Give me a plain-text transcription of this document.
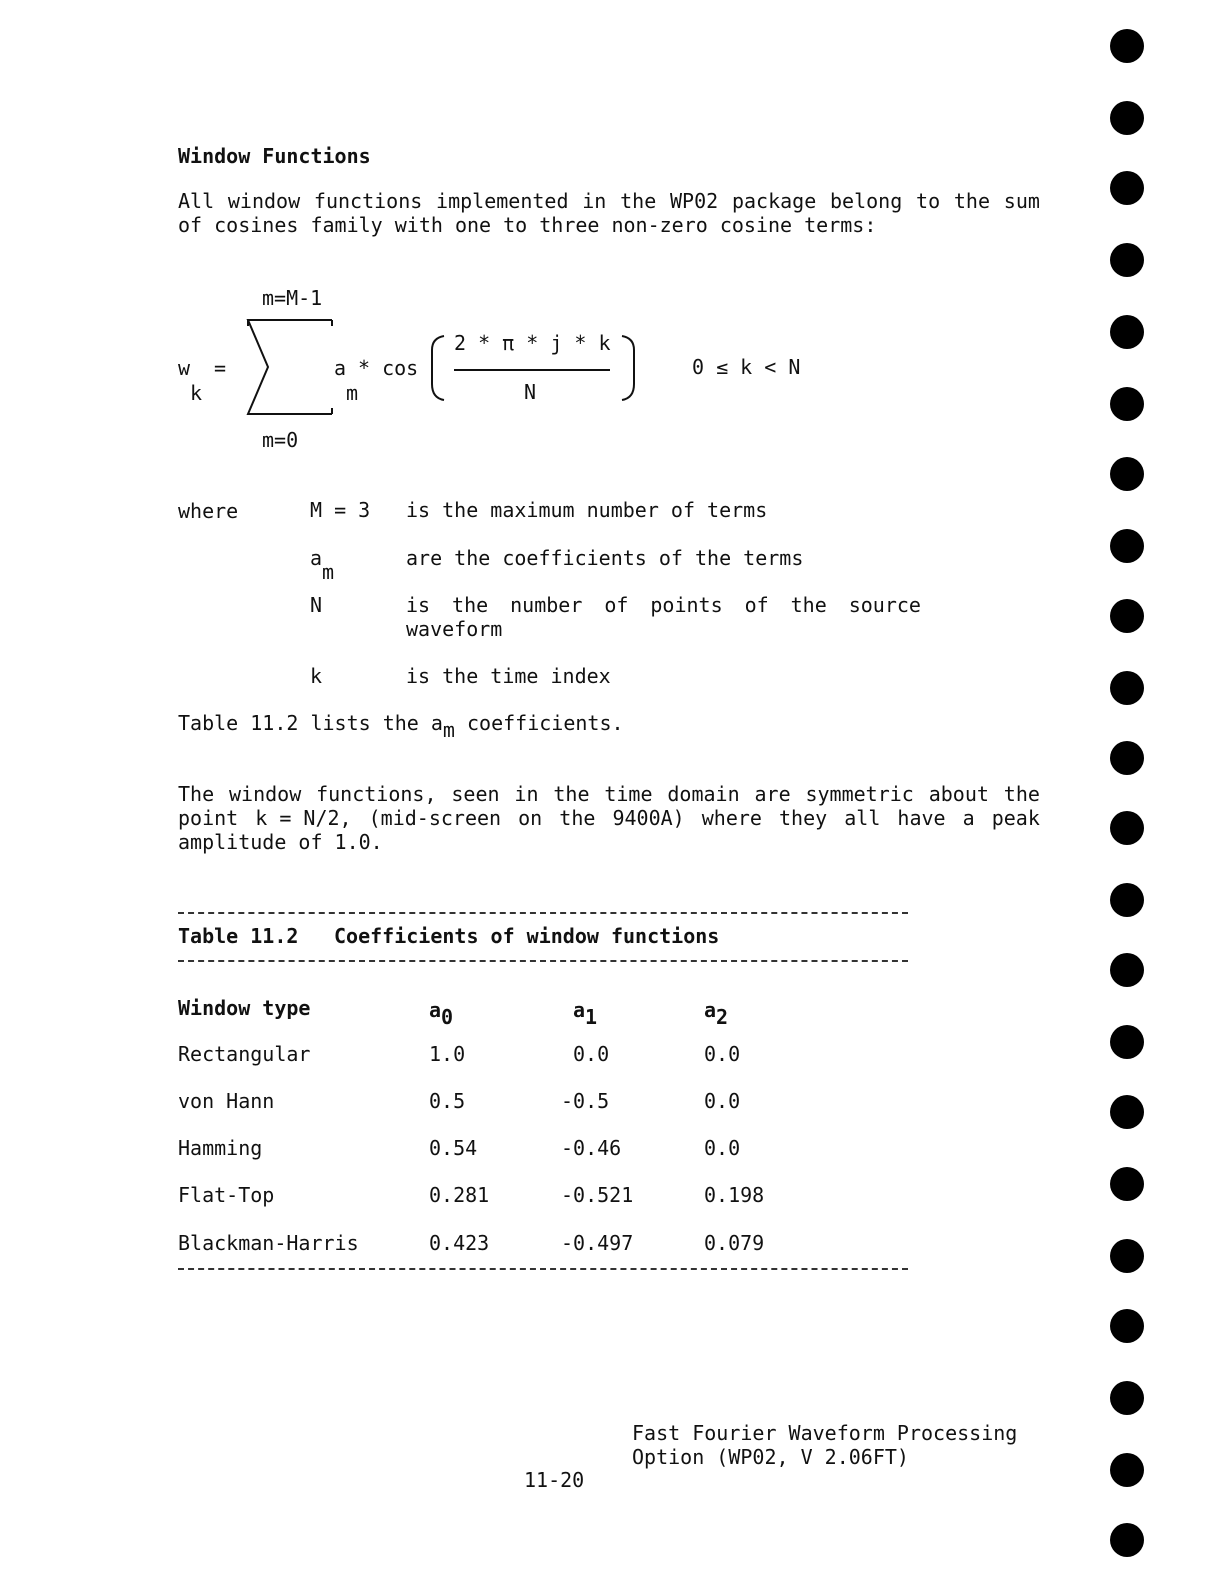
Window Functions
All window functions implemented in the WP02 package belong to the sum
of cosines family with one to three non-zero cosine terms:
m=M-1
m=0
w
k
=	a
m
* cos
2 * π * j * k
N
0 ≤ k < N
where	M = 3 is the maximum number of terms
a
m
are the coefficients of the terms
N	is the number of points of the source
waveform
k	is the time index
Table 11.2 lists the am coefficients.
The window functions, seen in the time domain are symmetric about the
point k = N/2, (mid-screen on the 9400A) where they all have a peak
amplitude of 1.0.
Table 11.2 Coefficients of window functions
Window type	a0	a1	a2
Rectangular	1.0	0.0	0.0
von Hann	0.5	-0.5	0.0
Hamming	0.54	-0.46	0.0
Flat-Top	0.281	-0.521	0.198
Blackman-Harris	0.423	-0.497	0.079
Fast Fourier Waveform Processing
Option (WP02, V 2.06FT)
11-20
